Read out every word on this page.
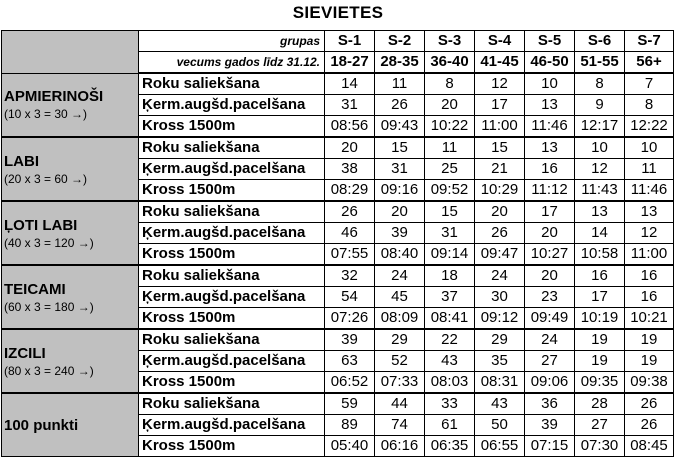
SIEVIETES
	grupas	S-1	S-2	S-3	S-4	S-5	S-6	S-7
	vecums gados līdz 31.12.	18-27	28-35	36-40	41-45	46-50	51-55	56+

APMIERINOŠI
(10 x 3 = 30 →)	Roku saliekšana	14	11	8	12	10	8	7
	Ķerm.augšd.pacelšana	31	26	20	17	13	9	8
	Kross 1500m	08:56	09:43	10:22	11:00	11:46	12:17	12:22

LABI
(20 x 3 = 60 →)	Roku saliekšana	20	15	11	15	13	10	10
	Ķerm.augšd.pacelšana	38	31	25	21	16	12	11
	Kross 1500m	08:29	09:16	09:52	10:29	11:12	11:43	11:46

ĻOTI LABI
(40 x 3 = 120 →)	Roku saliekšana	26	20	15	20	17	13	13
	Ķerm.augšd.pacelšana	46	39	31	26	20	14	12
	Kross 1500m	07:55	08:40	09:14	09:47	10:27	10:58	11:00

TEICAMI
(60 x 3 = 180 →)	Roku saliekšana	32	24	18	24	20	16	16
	Ķerm.augšd.pacelšana	54	45	37	30	23	17	16
	Kross 1500m	07:26	08:09	08:41	09:12	09:49	10:19	10:21

IZCILI
(80 x 3 = 240 →)	Roku saliekšana	39	29	22	29	24	19	19
	Ķerm.augšd.pacelšana	63	52	43	35	27	19	19
	Kross 1500m	06:52	07:33	08:03	08:31	09:06	09:35	09:38

100 punkti	Roku saliekšana	59	44	33	43	36	28	26
	Ķerm.augšd.pacelšana	89	74	61	50	39	27	26
	Kross 1500m	05:40	06:16	06:35	06:55	07:15	07:30	08:45
